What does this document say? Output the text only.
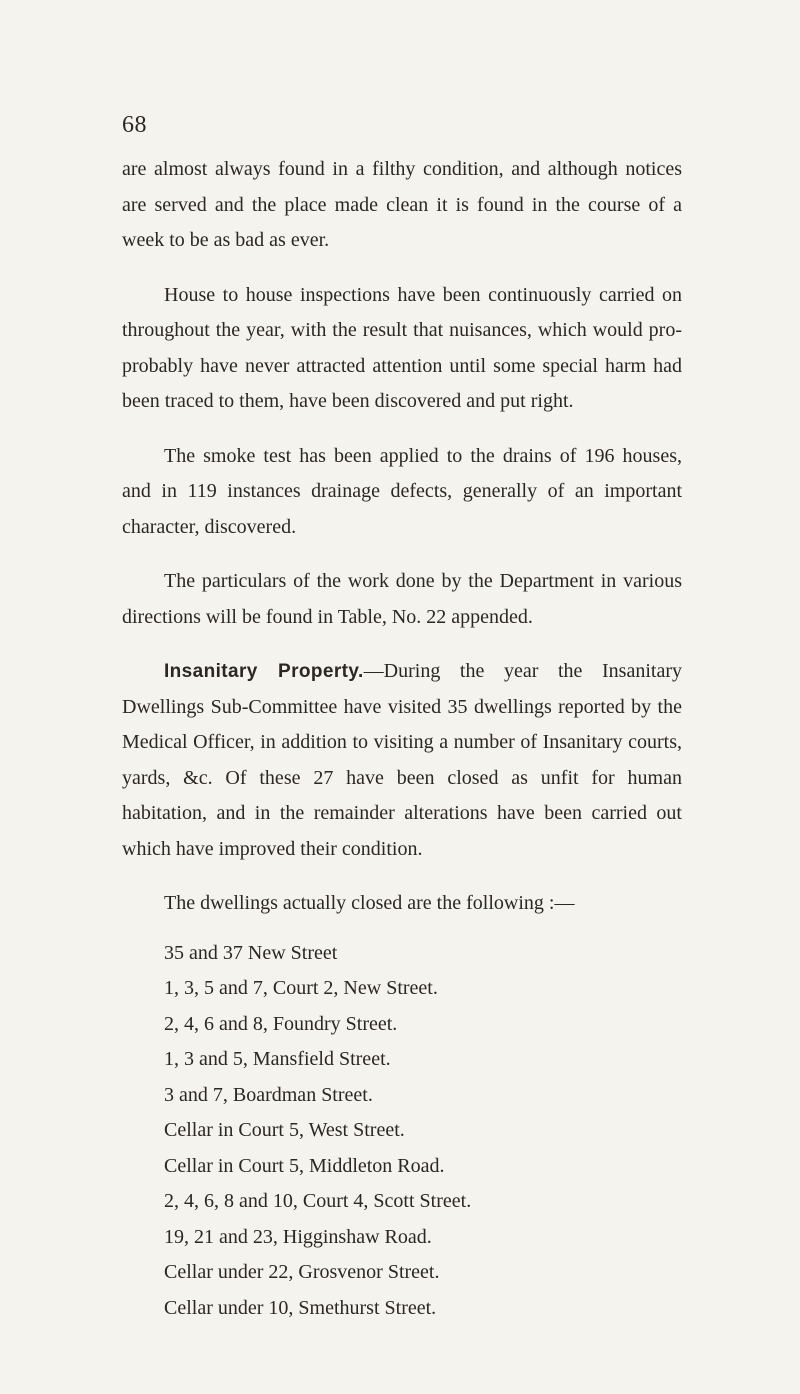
68

are almost always found in a filthy condition, and although notices are served and the place made clean it is found in the course of a week to be as bad as ever.

House to house inspections have been continuously carried on throughout the year, with the result that nuisances, which would pro- probably have never attracted attention until some special harm had been traced to them, have been discovered and put right.

The smoke test has been applied to the drains of 196 houses, and in 119 instances drainage defects, generally of an important character, discovered.

The particulars of the work done by the Department in various directions will be found in Table, No. 22 appended.

Insanitary Property.—During the year the Insanitary Dwellings Sub-Committee have visited 35 dwellings reported by the Medical Officer, in addition to visiting a number of Insanitary courts, yards, &c. Of these 27 have been closed as unfit for human habitation, and in the remainder alterations have been carried out which have improved their condition.

The dwellings actually closed are the following :—

35 and 37 New Street
1, 3, 5 and 7, Court 2, New Street.
2, 4, 6 and 8, Foundry Street.
1, 3 and 5, Mansfield Street.
3 and 7, Boardman Street.
Cellar in Court 5, West Street.
Cellar in Court 5, Middleton Road.
2, 4, 6, 8 and 10, Court 4, Scott Street.
19, 21 and 23, Higginshaw Road.
Cellar under 22, Grosvenor Street.
Cellar under 10, Smethurst Street.
